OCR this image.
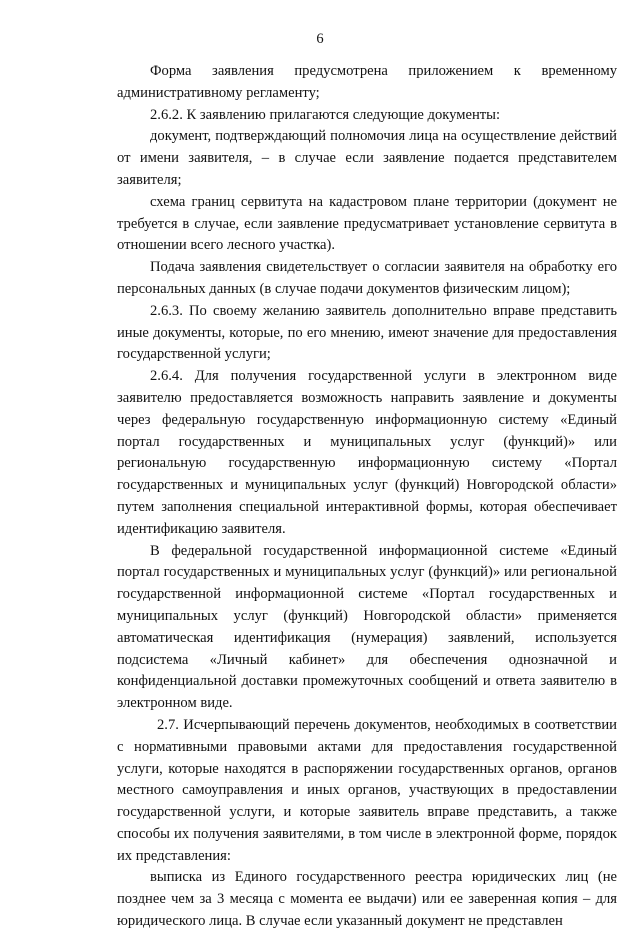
6

Форма заявления предусмотрена приложением к временному административному регламенту;

2.6.2. К заявлению прилагаются следующие документы:

документ, подтверждающий полномочия лица на осуществление действий от имени заявителя, – в случае если заявление подается представителем заявителя;

схема границ сервитута на кадастровом плане территории (документ не требуется в случае, если заявление предусматривает установление сервитута в отношении всего лесного участка).

Подача заявления свидетельствует о согласии заявителя на обработку его персональных данных (в случае подачи документов физическим лицом);

2.6.3. По своему желанию заявитель дополнительно вправе представить иные документы, которые, по его мнению, имеют значение для предоставления государственной услуги;

2.6.4. Для получения государственной услуги в электронном виде заявителю предоставляется возможность направить заявление и документы через федеральную государственную информационную систему «Единый портал государственных и муниципальных услуг (функций)» или региональную государственную информационную систему «Портал государственных и муниципальных услуг (функций) Новгородской области» путем заполнения специальной интерактивной формы, которая обеспечивает идентификацию заявителя.

В федеральной государственной информационной системе «Единый портал государственных и муниципальных услуг (функций)» или региональной государственной информационной системе «Портал государственных и муниципальных услуг (функций) Новгородской области» применяется автоматическая идентификация (нумерация) заявлений, используется подсистема «Личный кабинет» для обеспечения однозначной и конфиденциальной доставки промежуточных сообщений и ответа заявителю в электронном виде.

2.7. Исчерпывающий перечень документов, необходимых в соответствии с нормативными правовыми актами для предоставления государственной услуги, которые находятся в распоряжении государственных органов, органов местного самоуправления и иных органов, участвующих в предоставлении государственной услуги, и которые заявитель вправе представить, а также способы их получения заявителями, в том числе в электронной форме, порядок их представления:

выписка из Единого государственного реестра юридических лиц (не позднее чем за 3 месяца с момента ее выдачи) или ее заверенная копия – для юридического лица. В случае если указанный документ не представлен
